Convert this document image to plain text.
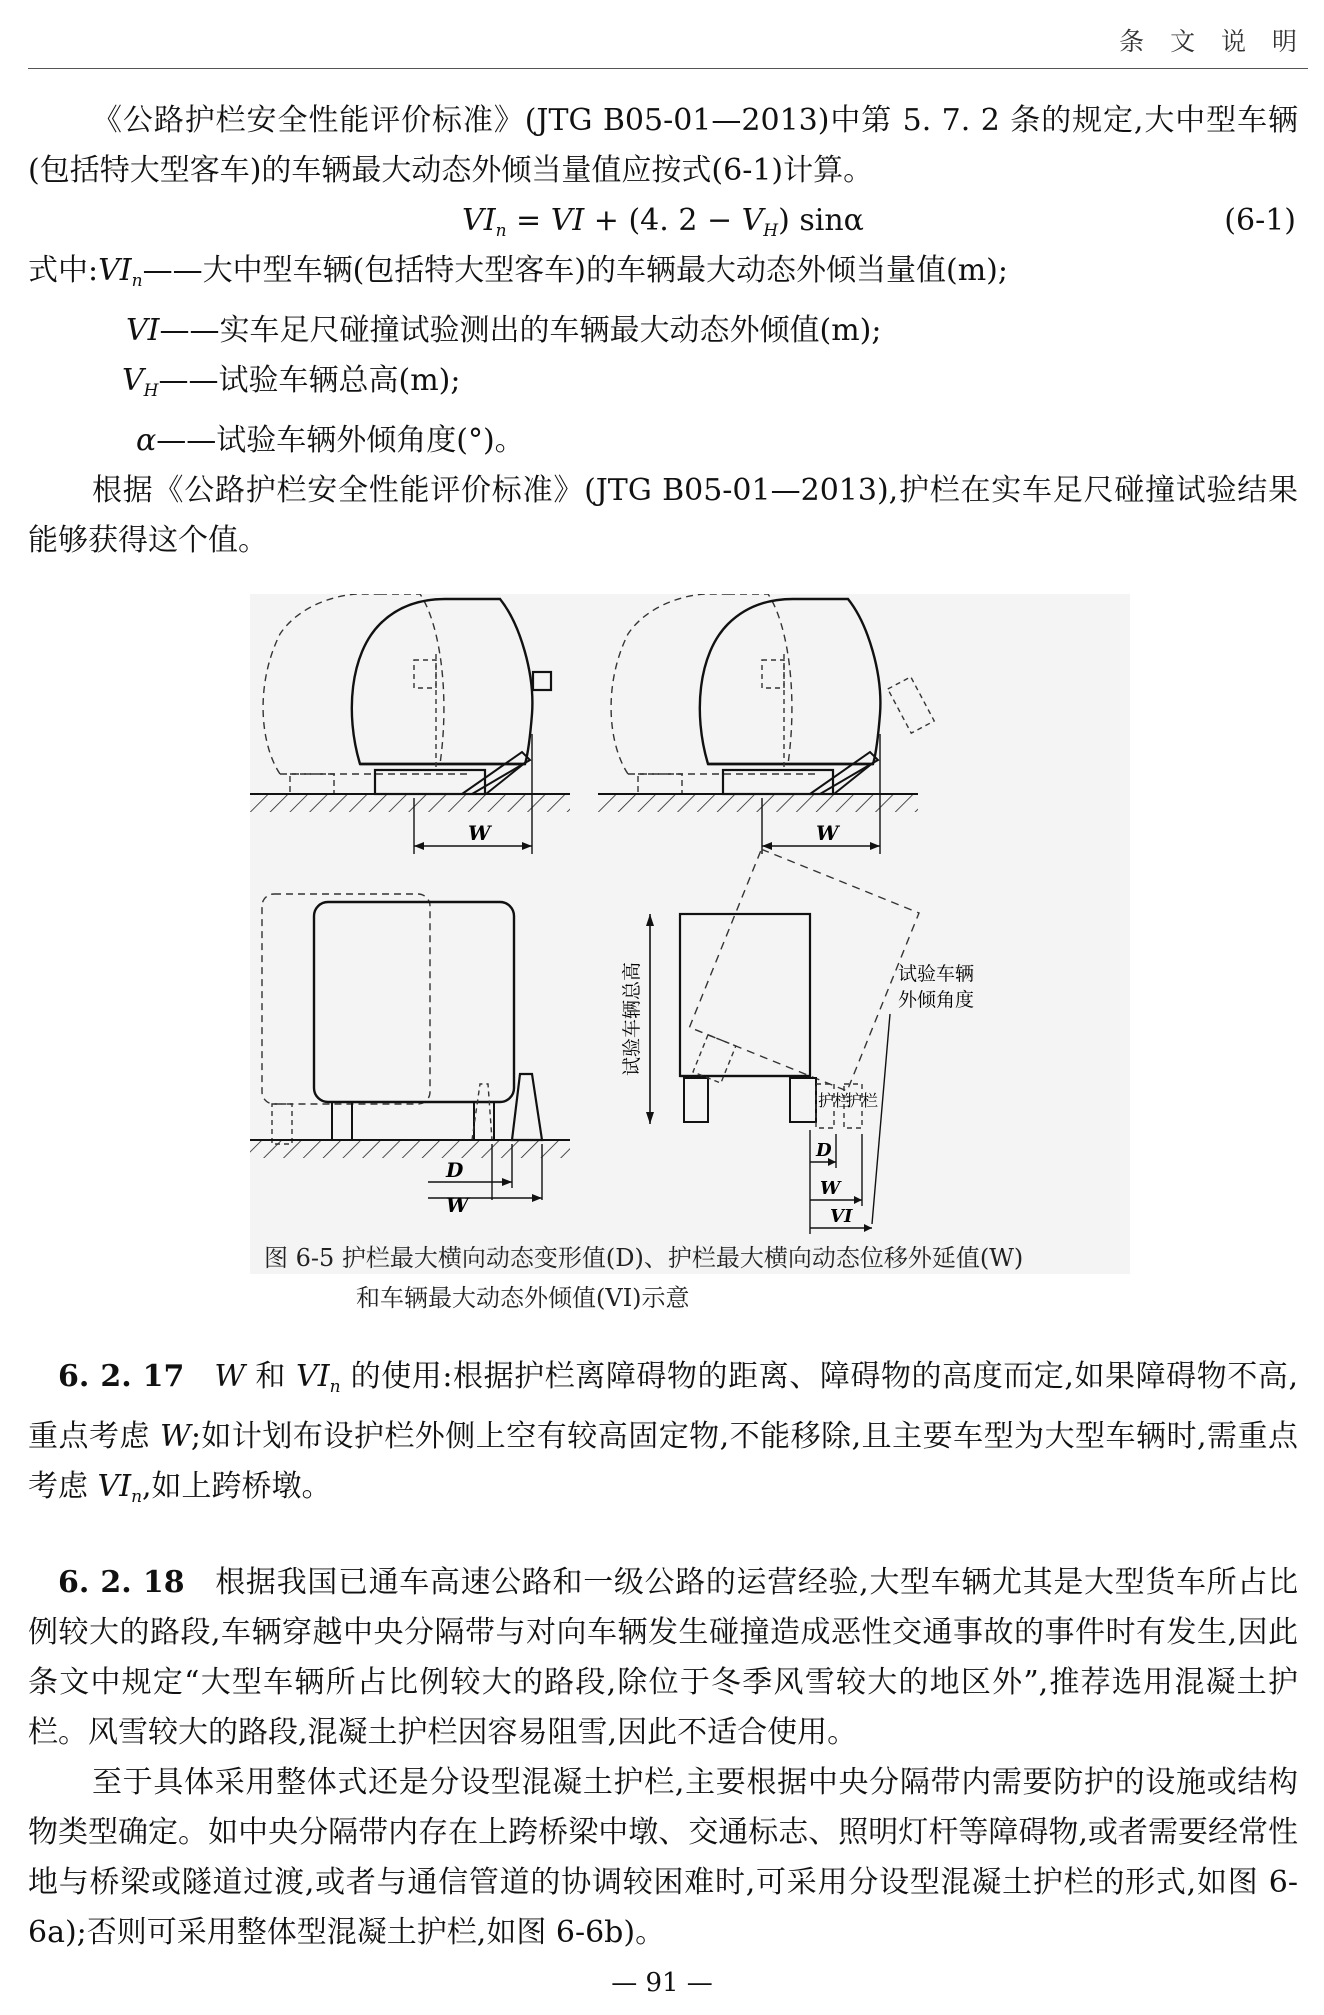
条 文 说 明

《公路护栏安全性能评价标准》(JTG B05-01—2013)中第 5. 7. 2 条的规定,大中型车辆(包括特大型客车)的车辆最大动态外倾当量值应按式(6-1)计算。

$VI_n$ = VI + (4. $2 - V_H$) sinα	(6-1)

式中$:VI_n——$大中型车辆(包括特大型客车)的车辆最大动态外倾当量值(m);

VI——实车足尺碰撞试验测出的车辆最大动态外倾值(m);

$V_H——$试验车辆总高(m);

α——试验车辆外倾角度(°)。

根据《公路护栏安全性能评价标准》(JTG B05-01—2013),护栏在实车足尺碰撞试验结果能够获得这个值。

W	W
D
W
试验车辆总高
护栏
护栏
试验车辆
外倾角度
D
W
VI
图 6-5 护栏最大横向动态变形值(D)、护栏最大横向动态位移外延值(W)
和车辆最大动态外倾值(VI)示意

6. 2. 17  W 和 $VI_n$ 的使用:根据护栏离障碍物的距离、障碍物的高度而定,如果障碍物不高,重点考虑 W;如计划布设护栏外侧上空有较高固定物,不能移除,且主要车型为大型车辆时,需重点考虑 $VI_n$,如上跨桥墩。

6. 2. 18  根据我国已通车高速公路和一级公路的运营经验,大型车辆尤其是大型货车所占比例较大的路段,车辆穿越中央分隔带与对向车辆发生碰撞造成恶性交通事故的事件时有发生,因此条文中规定“大型车辆所占比例较大的路段,除位于冬季风雪较大的地区外”,推荐选用混凝土护栏。风雪较大的路段,混凝土护栏因容易阻雪,因此不适合使用。

至于具体采用整体式还是分设型混凝土护栏,主要根据中央分隔带内需要防护的设施或结构物类型确定。如中央分隔带内存在上跨桥梁中墩、交通标志、照明灯杆等障碍物,或者需要经常性地与桥梁或隧道过渡,或者与通信管道的协调较困难时,可采用分设型混凝土护栏的形式,如图 6-6a);否则可采用整体型混凝土护栏,如图 6-6b)。

— 91 —
